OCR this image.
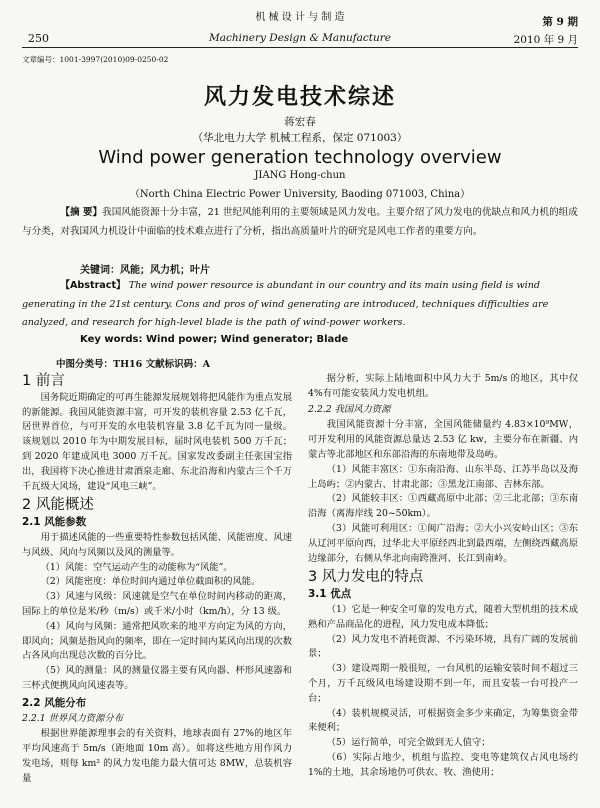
机 械 设 计 与 制 造
250	Machinery Design & Manufacture
第 9 期
2010 年 9 月
文章编号：1001-3997(2010)09-0250-02
风力发电技术综述
蒋宏春
（华北电力大学 机械工程系，保定 071003）
Wind power generation technology overview
JIANG Hong-chun
（North China Electric Power University, Baoding 071003, China）
【摘 要】我国风能资源十分丰富，21 世纪风能利用的主要领域是风力发电。主要介绍了风力发电的优缺点和风力机的组成与分类，对我国风力机设计中面临的技术难点进行了分析，指出高质量叶片的研究是风电工作者的重要方向。
关键词：风能；风力机；叶片
【Abstract】 The wind power resource is abundant in our country and its main using field is wind generating in the 21st century. Cons and pros of wind generating are introduced, techniques difficulties are analyzed, and research for high-level blade is the path of wind-power workers.
Key words: Wind power; Wind generator; Blade
中图分类号：TH16 文献标识码：A
1 前言

国务院近期确定的可再生能源发展规划将把风能作为重点发展的新能源。我国风能资源丰富，可开发的装机容量 2.53 亿千瓦，居世界首位，与可开发的水电装机容量 3.8 亿千瓦为同一量级。该规划以 2010 年为中期发展目标，届时风电装机 500 万千瓦；到 2020 年建成风电 3000 万千瓦。国家发改委副主任张国宝指出，我国将下决心推进甘肃酒泉走廊、东北沿海和内蒙古三个千万千瓦级大风场，建设“风电三峡”。

2 风能概述
2.1 风能参数

用于描述风能的一些重要特性参数包括风能、风能密度、风速与风级、风向与风频以及风的测量等。

（1）风能：空气运动产生的动能称为“风能”。

（2）风能密度：单位时间内通过单位截面积的风能。

（3）风速与风级：风速就是空气在单位时间内移动的距离，国际上的单位是米/秒（m/s）或千米/小时（km/h），分 13 级。

（4）风向与风频：通常把风吹来的地平方向定为风的方向，即风向；风频是指风向的频率，即在一定时间内某风向出现的次数占各风向出现总次数的百分比。

（5）风的测量：风的测量仪器主要有风向器、杯形风速器和三杯式便携风向风速表等。

2.2 风能分布
2.2.1 世界风力资源分布

根据世界能源理事会的有关资料，地球表面有 27%的地区年平均风速高于 5m/s（距地面 10m 高）。如将这些地方用作风力发电场，则每 km² 的风力发电能力最大值可达 8MW，总装机容量

据分析，实际上陆地面积中风力大于 5m/s 的地区，其中仅 4%有可能安装风力发电机组。

2.2.2 我国风力资源

我国风能资源十分丰富，全国风能储量约 4.83×10⁹MW，可开发利用的风能资源总量达 2.53 亿 kw，主要分布在新疆、内蒙古等北部地区和东部沿海的东南地带及岛屿。

（1）风能丰富区：①东南沿海、山东半岛、江苏半岛以及海上岛屿；②内蒙古、甘肃北部；③黑龙江南部、吉林东部。

（2）风能较丰区：①西藏高原中北部；②三北北部；③东南沿海（离海岸线 20~50km）。

（3）风能可利用区：①闽广沿海；②大小兴安岭山区；③东从辽河平原向西，过华北大平原经西北到最西端，左侧绕西藏高原边缘部分，右侧从华北向南跨淮河、长江到南岭。

3 风力发电的特点
3.1 优点

（1）它是一种安全可靠的发电方式，随着大型机组的技术成熟和产品商品化的进程，风力发电成本降低；

（2）风力发电不消耗资源、不污染环境，具有广阔的发展前景；

（3）建设周期一般很短，一台风机的运输安装时间不超过三个月，万千瓦级风电场建设期不到一年，而且安装一台可投产一台；

（4）装机规模灵活，可根据资金多少来确定，为筹集资金带来便利；

（5）运行简单，可完全做到无人值守；

（6）实际占地少，机组与监控、变电等建筑仅占风电场约 1%的土地，其余场地仍可供农、牧、渔使用；
